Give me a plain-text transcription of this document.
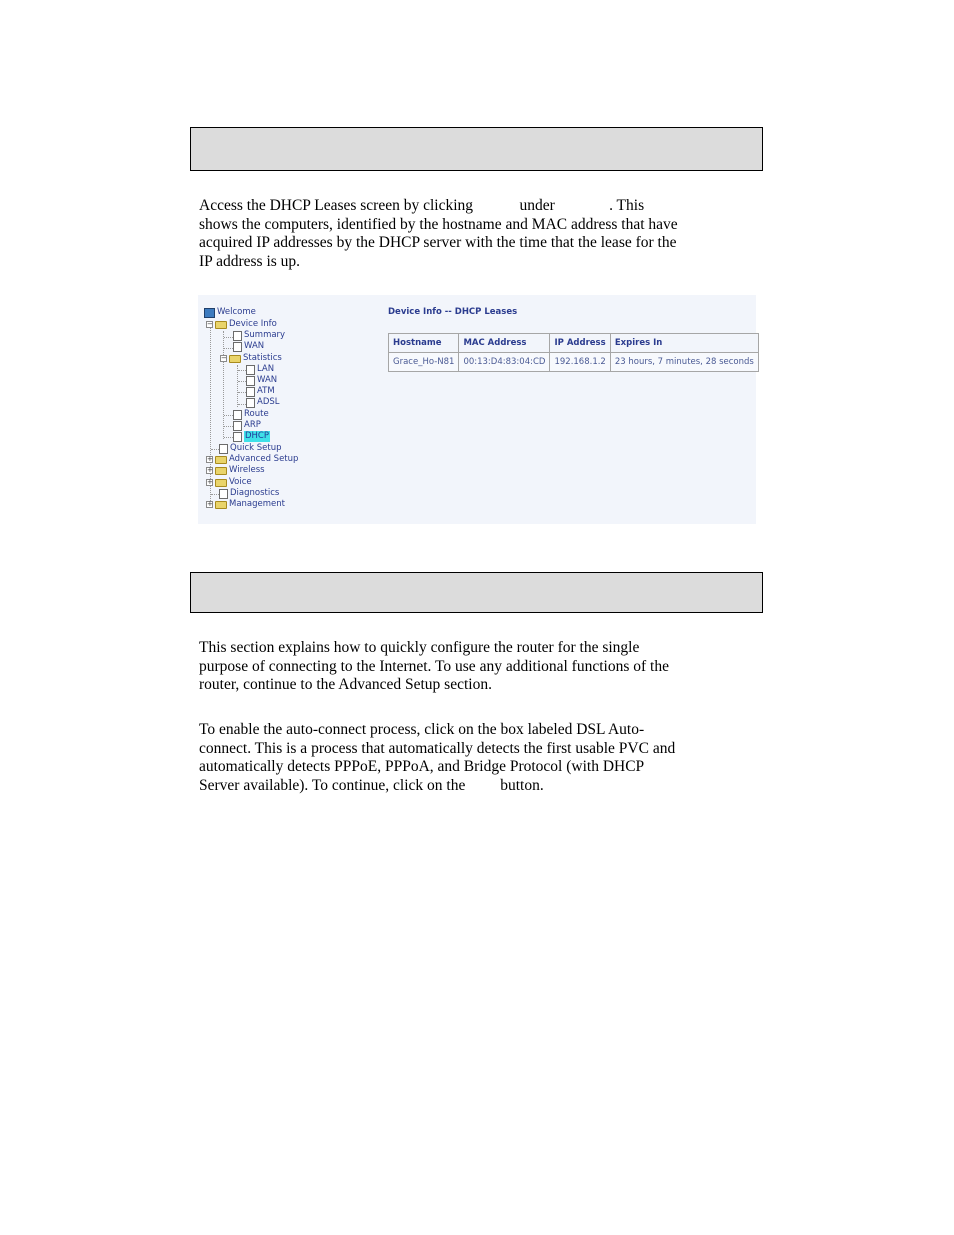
Access the DHCP Leases screen by clicking            under              . This
shows the computers, identified by the hostname and MAC address that have
acquired IP addresses by the DHCP server with the time that the lease for the
IP address is up.
Welcome
− Device Info
Summary
WAN
− Statistics
LAN
WAN
ATM
ADSL
Route
ARP
DHCP
Quick Setup
+ Advanced Setup
+ Wireless
+ Voice
Diagnostics
+ Management
Device Info -- DHCP Leases
Hostname	MAC Address	IP Address	Expires In
Grace_Ho-N81	00:13:D4:83:04:CD	192.168.1.2	23 hours, 7 minutes, 28 seconds
This section explains how to quickly configure the router for the single
purpose of connecting to the Internet. To use any additional functions of the
router, continue to the Advanced Setup section.
To enable the auto-connect process, click on the box labeled DSL Auto-
connect. This is a process that automatically detects the first usable PVC and
automatically detects PPPoE, PPPoA, and Bridge Protocol (with DHCP
Server available). To continue, click on the         button.
